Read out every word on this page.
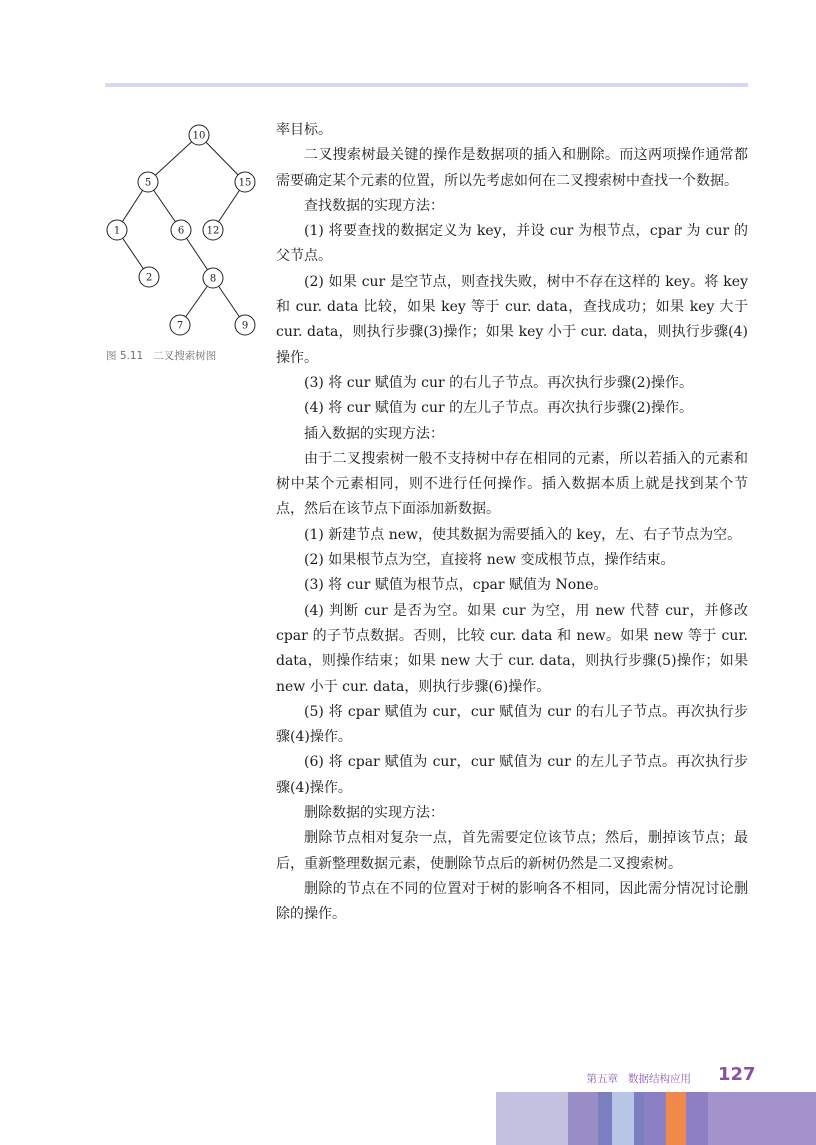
10
5	15
1	6 12
2	8
7	9
图 5.11   二叉搜索树图

率目标。

二叉搜索树最关键的操作是数据项的插入和删除。而这两项操作通常都需要确定某个元素的位置，所以先考虑如何在二叉搜索树中查找一个数据。

查找数据的实现方法：

(1) 将要查找的数据定义为 key，并设 cur 为根节点，cpar 为 cur 的父节点。

(2) 如果 cur 是空节点，则查找失败，树中不存在这样的 key。将 key 和 cur. data 比较，如果 key 等于 cur. data，查找成功；如果 key 大于 cur. data，则执行步骤(3)操作；如果 key 小于 cur. data，则执行步骤(4)操作。

(3) 将 cur 赋值为 cur 的右儿子节点。再次执行步骤(2)操作。

(4) 将 cur 赋值为 cur 的左儿子节点。再次执行步骤(2)操作。

插入数据的实现方法：

由于二叉搜索树一般不支持树中存在相同的元素，所以若插入的元素和树中某个元素相同，则不进行任何操作。插入数据本质上就是找到某个节点，然后在该节点下面添加新数据。

(1) 新建节点 new，使其数据为需要插入的 key，左、右子节点为空。

(2) 如果根节点为空，直接将 new 变成根节点，操作结束。

(3) 将 cur 赋值为根节点，cpar 赋值为 None。

(4) 判断 cur 是否为空。如果 cur 为空，用 new 代替 cur，并修改 cpar 的子节点数据。否则，比较 cur. data 和 new。如果 new 等于 cur. data，则操作结束；如果 new 大于 cur. data，则执行步骤(5)操作；如果 new 小于 cur. data，则执行步骤(6)操作。

(5) 将 cpar 赋值为 cur，cur 赋值为 cur 的右儿子节点。再次执行步骤(4)操作。

(6) 将 cpar 赋值为 cur，cur 赋值为 cur 的左儿子节点。再次执行步骤(4)操作。

删除数据的实现方法：

删除节点相对复杂一点，首先需要定位该节点；然后，删掉该节点；最后，重新整理数据元素，使删除节点后的新树仍然是二叉搜索树。

删除的节点在不同的位置对于树的影响各不相同，因此需分情况讨论删除的操作。

第五章   数据结构应用 127
